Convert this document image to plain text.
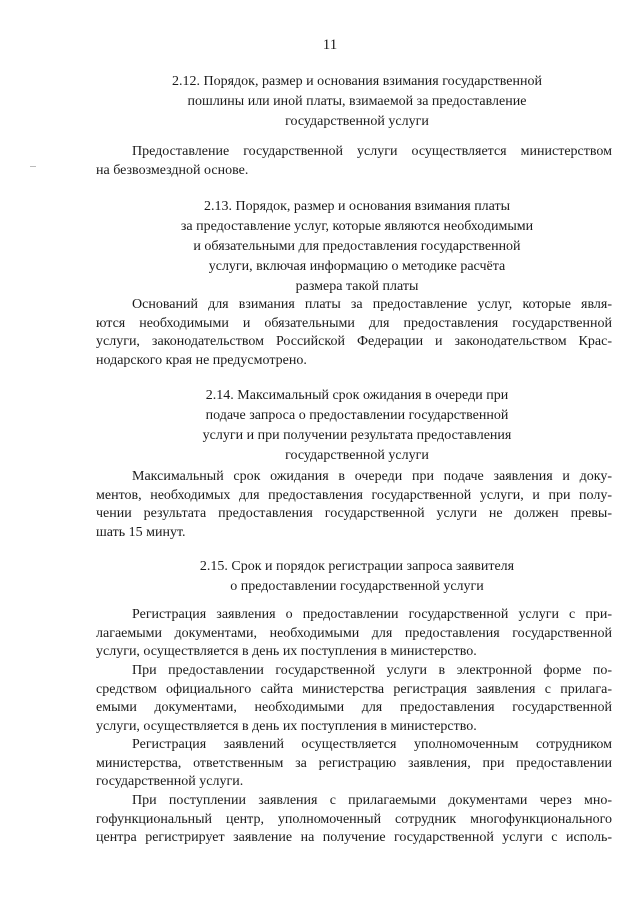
11
2.12. Порядок, размер и основания взимания государственной
пошлины или иной платы, взимаемой за предоставление
государственной услуги
Предоставление государственной услуги осуществляется министерством
на безвозмездной основе.
2.13. Порядок, размер и основания взимания платы
за предоставление услуг, которые являются необходимыми
и обязательными для предоставления государственной
услуги, включая информацию о методике расчёта
размера такой платы
Оснований для взимания платы за предоставление услуг, которые явля-
ются необходимыми и обязательными для предоставления государственной
услуги, законодательством Российской Федерации и законодательством Крас-
нодарского края не предусмотрено.
2.14. Максимальный срок ожидания в очереди при
подаче запроса о предоставлении государственной
услуги и при получении результата предоставления
государственной услуги
Максимальный срок ожидания в очереди при подаче заявления и доку-
ментов, необходимых для предоставления государственной услуги, и при полу-
чении результата предоставления государственной услуги не должен превы-
шать 15 минут.
2.15. Срок и порядок регистрации запроса заявителя
о предоставлении государственной услуги
Регистрация заявления о предоставлении государственной услуги с при-
лагаемыми документами, необходимыми для предоставления государственной
услуги, осуществляется в день их поступления в министерство.
При предоставлении государственной услуги в электронной форме по-
средством официального сайта министерства регистрация заявления с прилага-
емыми документами, необходимыми для предоставления государственной
услуги, осуществляется в день их поступления в министерство.
Регистрация заявлений осуществляется уполномоченным сотрудником
министерства, ответственным за регистрацию заявления, при предоставлении
государственной услуги.
При поступлении заявления с прилагаемыми документами через мно-
гофункциональный центр, уполномоченный сотрудник многофункционального
центра регистрирует заявление на получение государственной услуги с исполь-
